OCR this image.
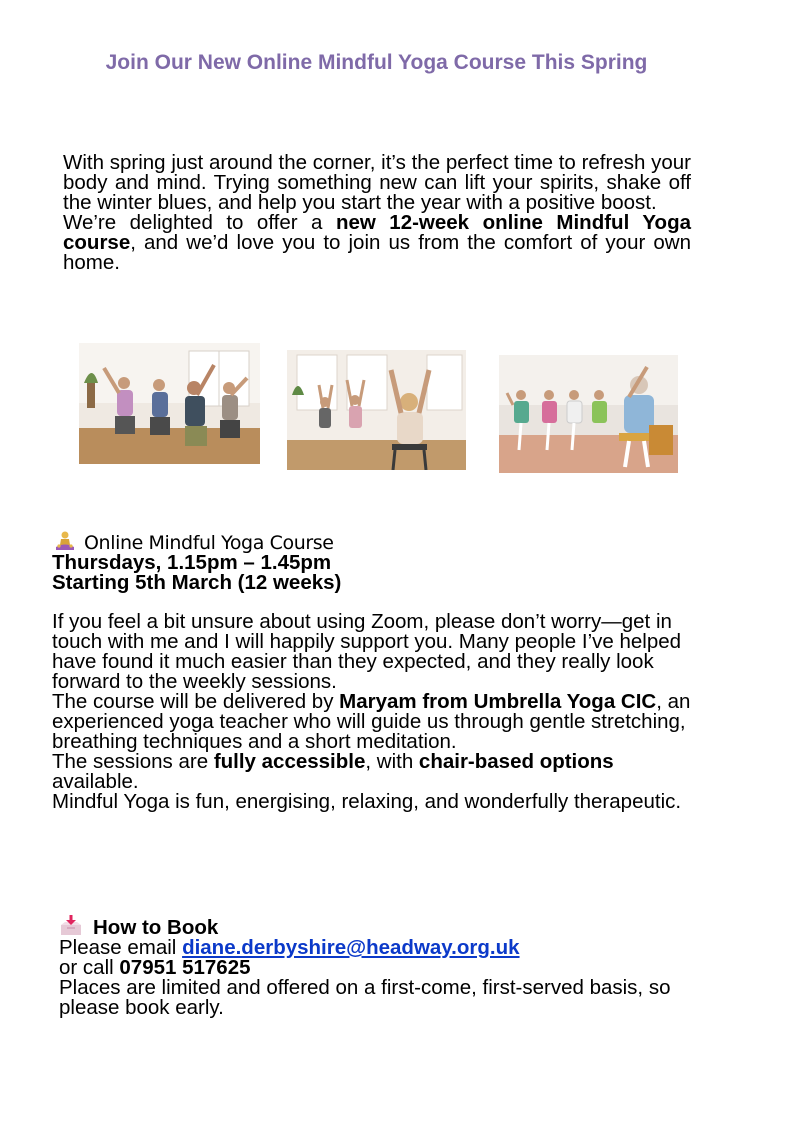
Join Our New Online Mindful Yoga Course This Spring

With spring just around the corner, it’s the perfect time to refresh your body and mind. Trying something new can lift your spirits, shake off the winter blues, and help you start the year with a positive boost.

We’re delighted to offer a new 12-week online Mindful Yoga course, and we’d love you to join us from the comfort of your own home.

Online Mindful Yoga Course
Thursdays, 1.15pm – 1.45pm
Starting 5th March (12 weeks)

If you feel a bit unsure about using Zoom, please don’t worry—get in touch with me and I will happily support you. Many people I’ve helped have found it much easier than they expected, and they really look forward to the weekly sessions.

The course will be delivered by Maryam from Umbrella Yoga CIC, an experienced yoga teacher who will guide us through gentle stretching, breathing techniques and a short meditation.

The sessions are fully accessible, with chair-based options available.

Mindful Yoga is fun, energising, relaxing, and wonderfully therapeutic.

How to Book

Please email diane.derbyshire@headway.org.uk

or call 07951 517625

Places are limited and offered on a first-come, first-served basis, so please book early.
